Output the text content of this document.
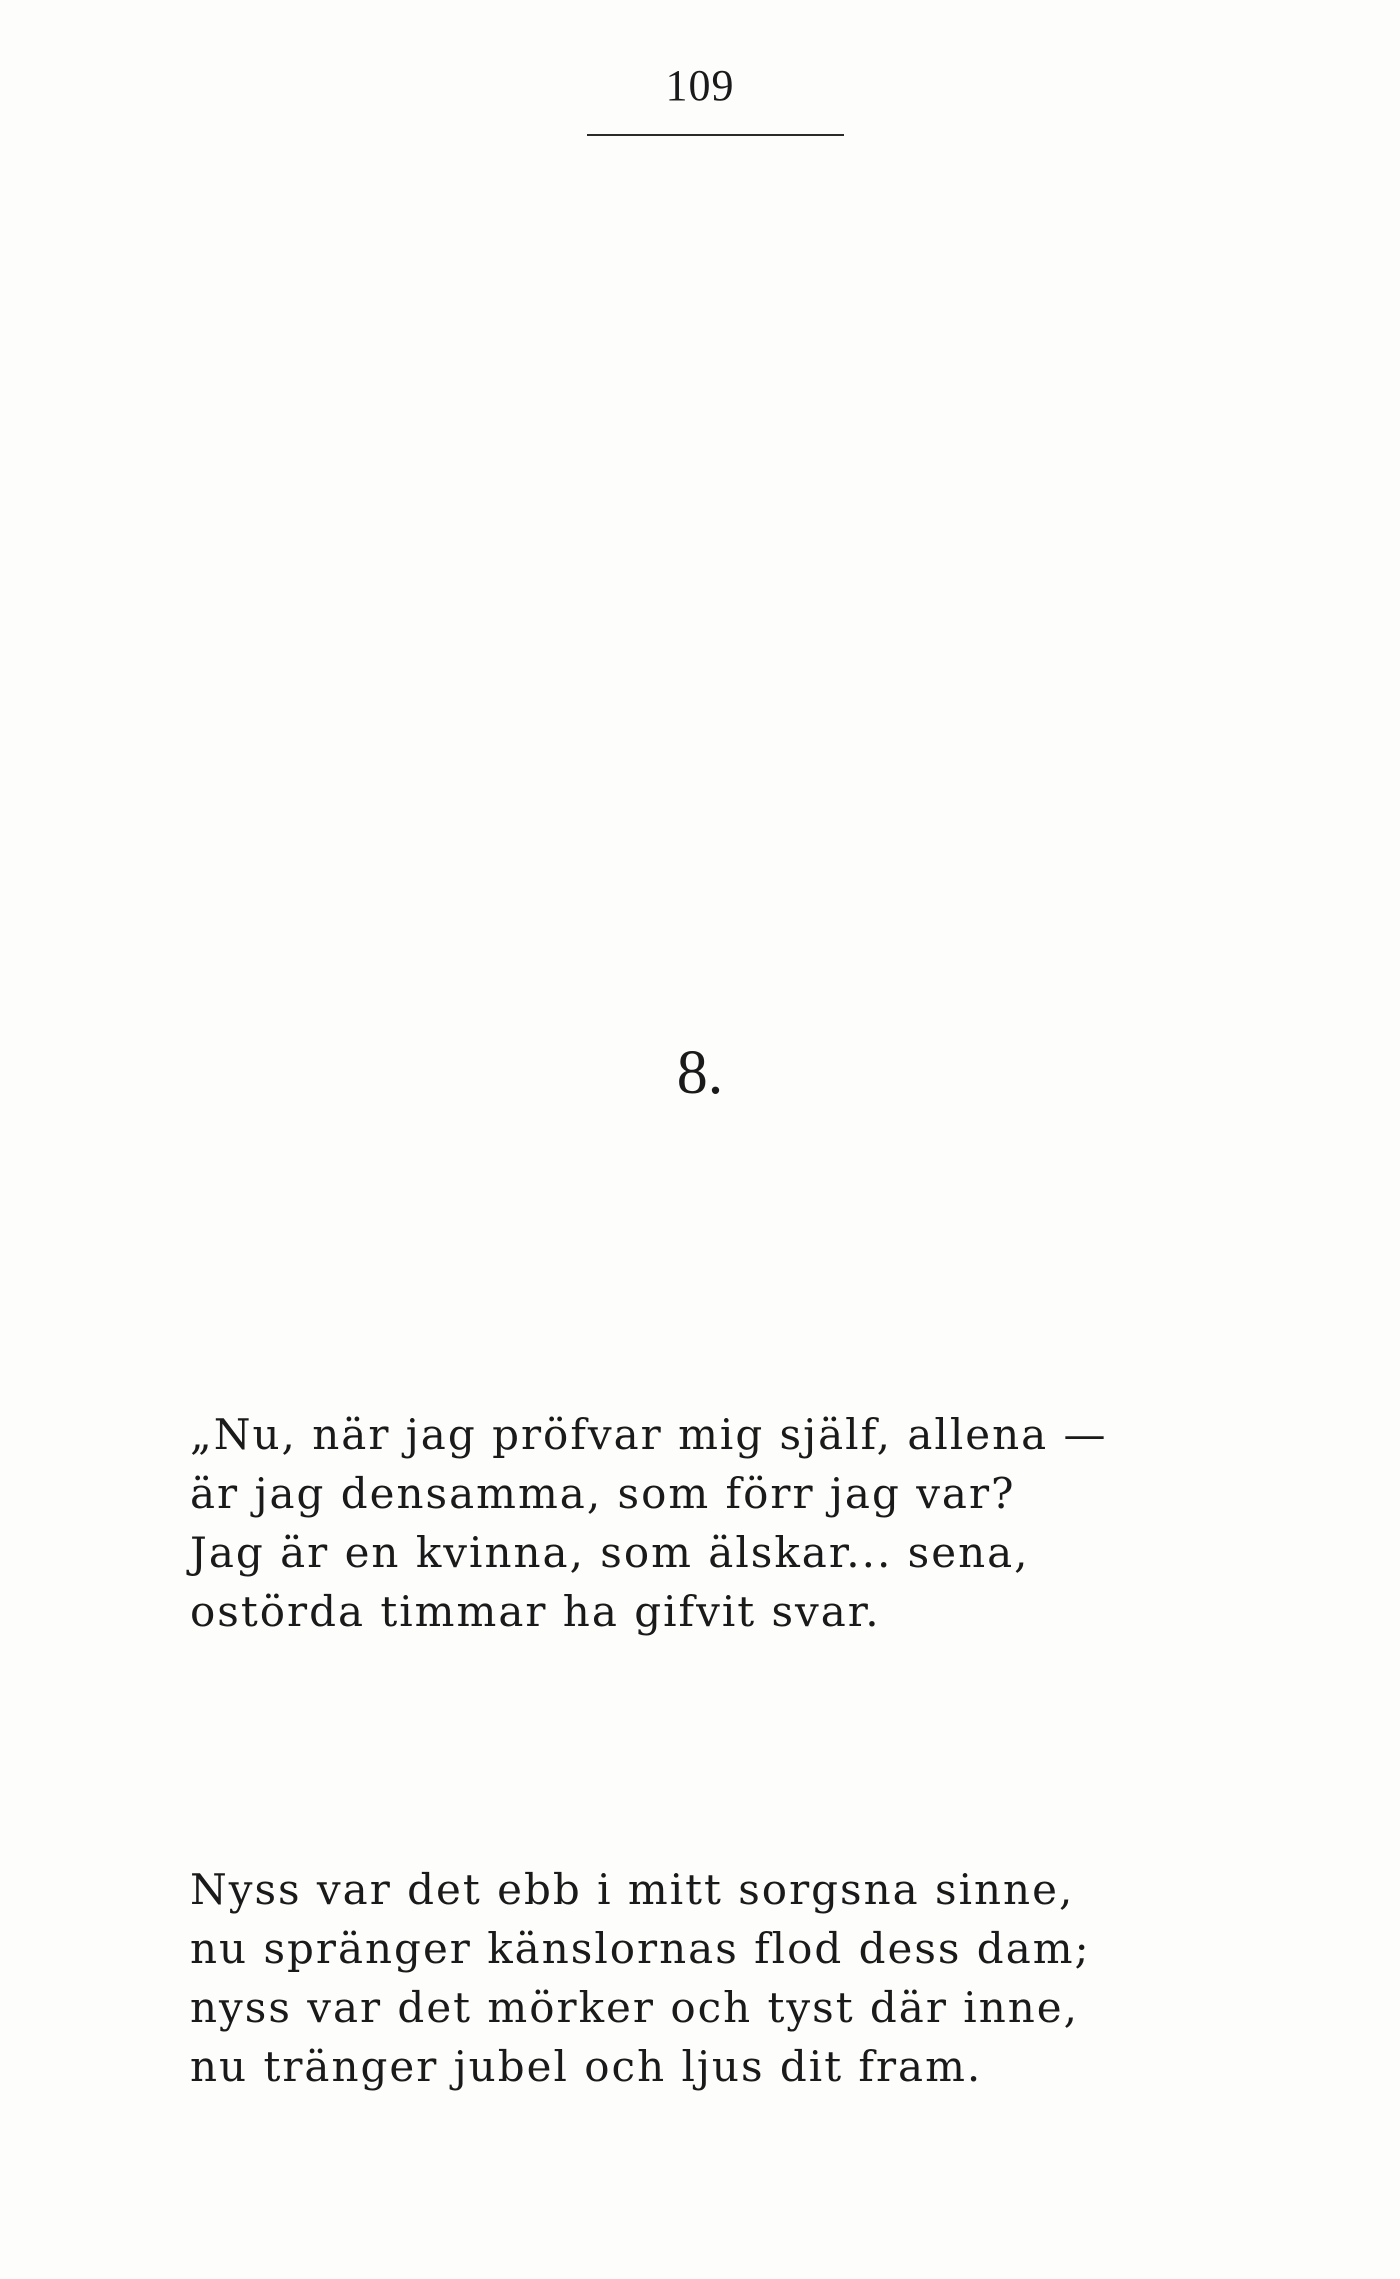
109
8.
„Nu, när jag pröfvar mig själf, allena —
är jag densamma, som förr jag var?
Jag är en kvinna, som älskar... sena,
ostörda timmar ha gifvit svar.
Nyss var det ebb i mitt sorgsna sinne,
nu spränger känslornas flod dess dam;
nyss var det mörker och tyst där inne,
nu tränger jubel och ljus dit fram.
